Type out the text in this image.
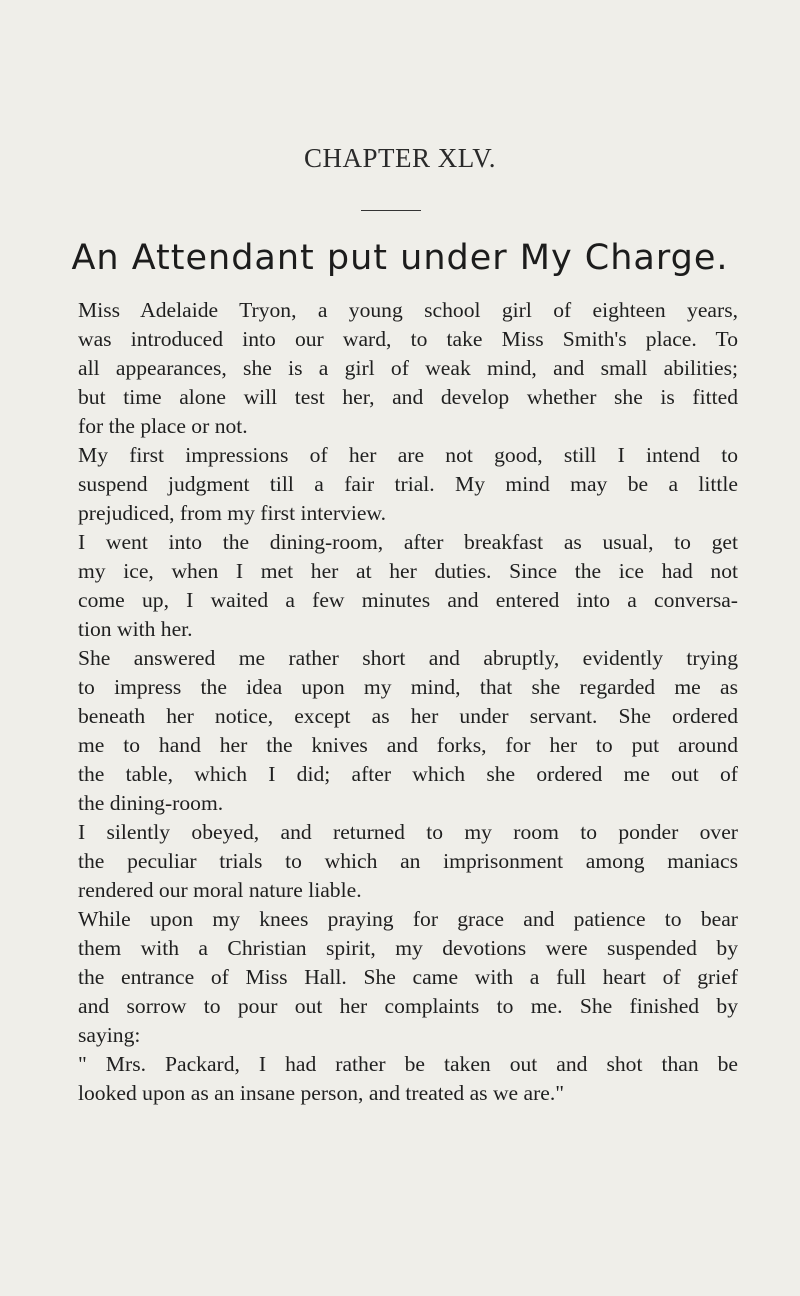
CHAPTER XLV.
An Attendant put under My Charge.
Miss Adelaide Tryon, a young school girl of eighteen years,
was introduced into our ward, to take Miss Smith's place. To
all appearances, she is a girl of weak mind, and small abilities;
but time alone will test her, and develop whether she is fitted
for the place or not.
My first impressions of her are not good, still I intend to
suspend judgment till a fair trial. My mind may be a little
prejudiced, from my first interview.
I went into the dining-room, after breakfast as usual, to get
my ice, when I met her at her duties. Since the ice had not
come up, I waited a few minutes and entered into a conversa-
tion with her.
She answered me rather short and abruptly, evidently trying
to impress the idea upon my mind, that she regarded me as
beneath her notice, except as her under servant. She ordered
me to hand her the knives and forks, for her to put around
the table, which I did; after which she ordered me out of
the dining-room.
I silently obeyed, and returned to my room to ponder over
the peculiar trials to which an imprisonment among maniacs
rendered our moral nature liable.
While upon my knees praying for grace and patience to bear
them with a Christian spirit, my devotions were suspended by
the entrance of Miss Hall. She came with a full heart of grief
and sorrow to pour out her complaints to me. She finished by
saying:
" Mrs. Packard, I had rather be taken out and shot than be
looked upon as an insane person, and treated as we are."
